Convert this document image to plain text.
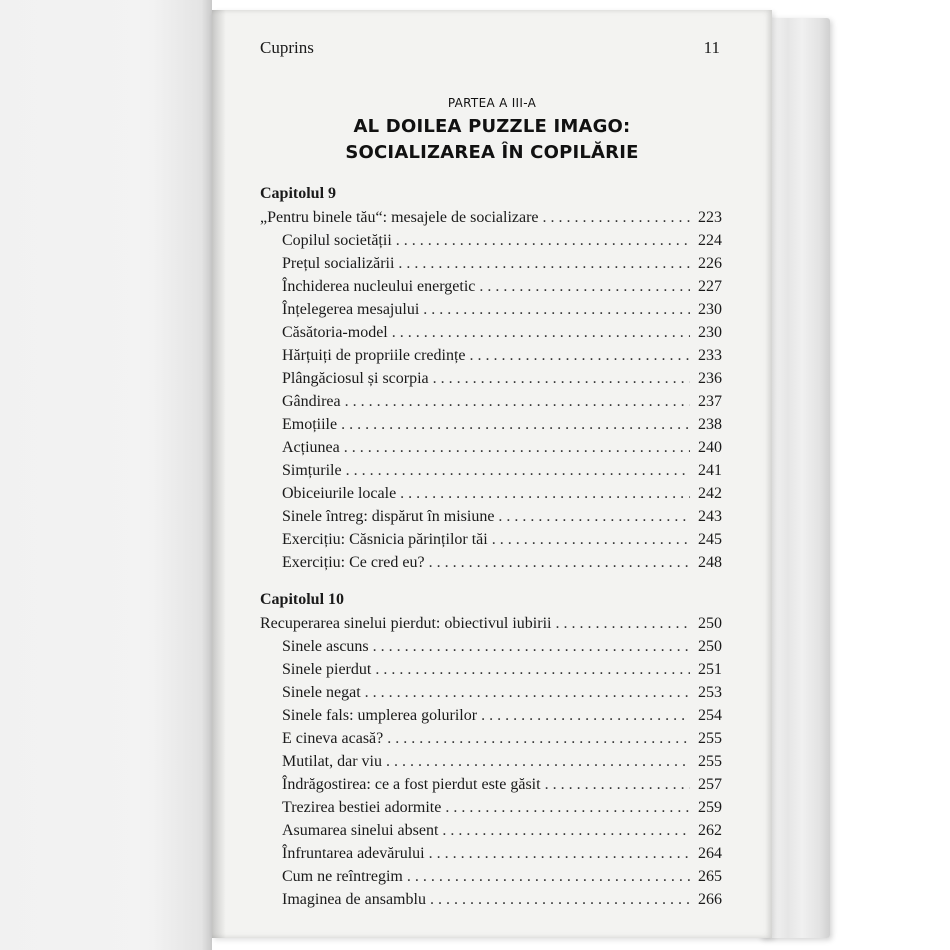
Cuprins	11
PARTEA A III-A
AL DOILEA PUZZLE IMAGO:
SOCIALIZAREA ÎN COPILĂRIE
Capitolul 9
„Pentru binele tău“: mesajele de socializare . . .	223
Copilul societății . . .	224
Prețul socializării . . .	226
Închiderea nucleului energetic . . .	227
Înțelegerea mesajului . . .	230
Căsătoria-model . . .	230
Hărțuiți de propriile credințe . . .	233
Plângăciosul și scorpia . . .	236
Gândirea . . .	237
Emoțiile . . .	238
Acțiunea . . .	240
Simțurile . . .	241
Obiceiurile locale . . .	242
Sinele întreg: dispărut în misiune . . .	243
Exercițiu: Căsnicia părinților tăi . . .	245
Exercițiu: Ce cred eu? . . .	248
Capitolul 10
Recuperarea sinelui pierdut: obiectivul iubirii . . .	250
Sinele ascuns . . .	250
Sinele pierdut . . .	251
Sinele negat . . .	253
Sinele fals: umplerea golurilor . . .	254
E cineva acasă? . . .	255
Mutilat, dar viu . . .	255
Îndrăgostirea: ce a fost pierdut este găsit . . .	257
Trezirea bestiei adormite . . .	259
Asumarea sinelui absent . . .	262
Înfruntarea adevărului . . .	264
Cum ne reîntregim . . .	265
Imaginea de ansamblu . . .	266
